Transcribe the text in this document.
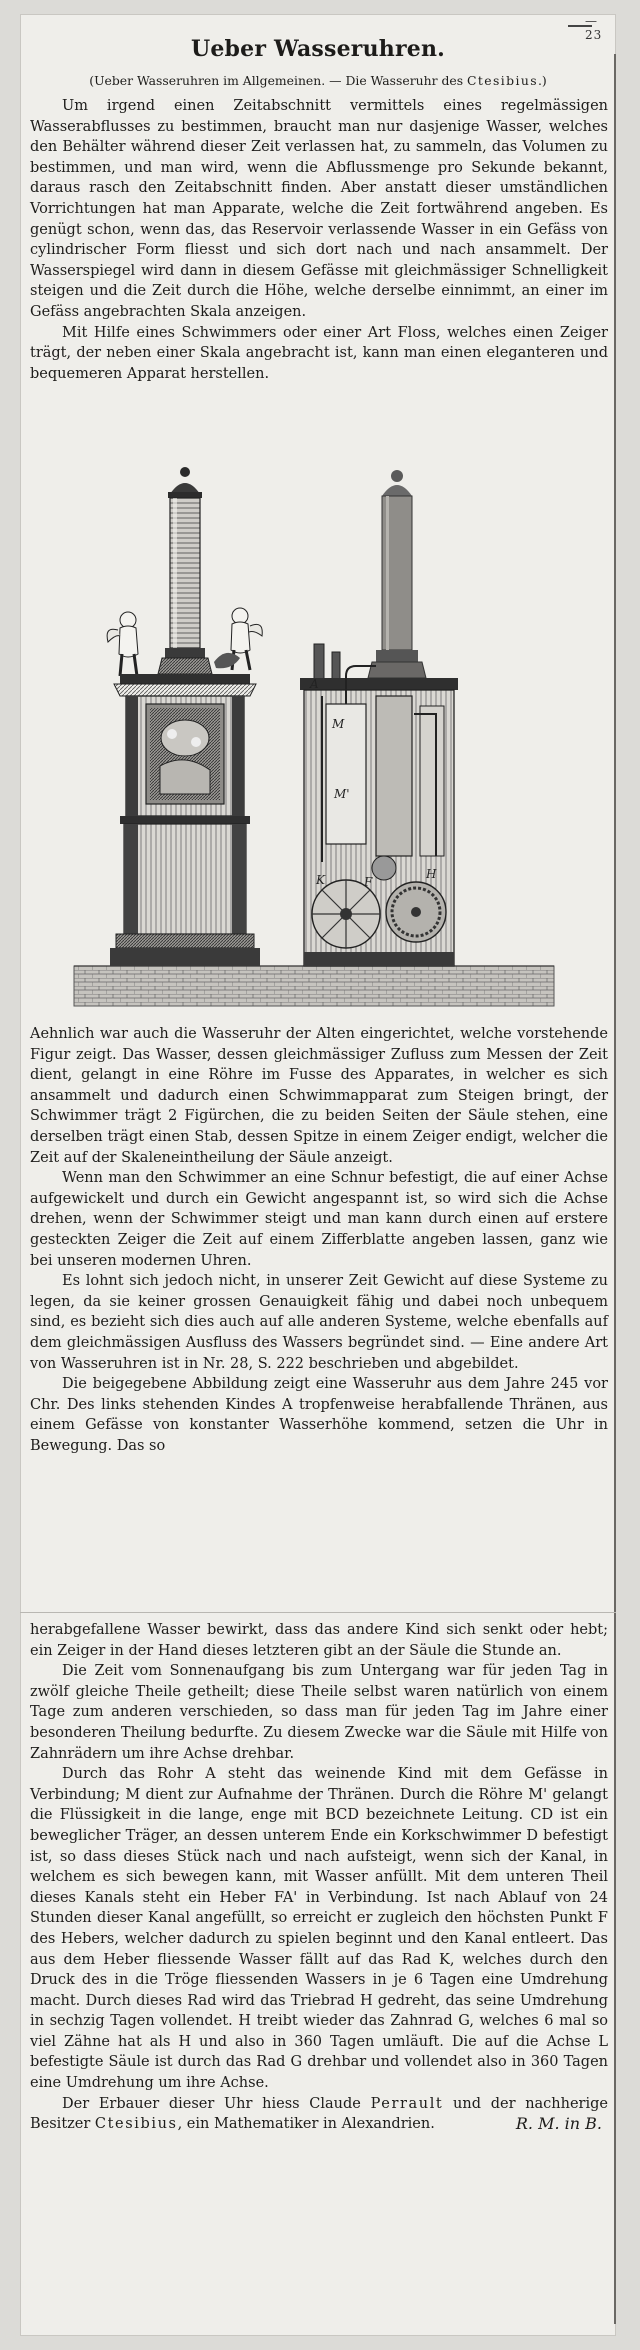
— 23
Ueber Wasseruhren.
(Ueber Wasseruhren im Allgemeinen. — Die Wasseruhr des Ctesibius.)

Um irgend einen Zeitabschnitt vermittels eines regelmässigen Wasserabflusses zu bestimmen, braucht man nur dasjenige Wasser, welches den Behälter während dieser Zeit verlassen hat, zu sammeln, das Volumen zu bestimmen, und man wird, wenn die Abflussmenge pro Sekunde bekannt, daraus rasch den Zeitabschnitt finden. Aber anstatt dieser umständlichen Vorrichtungen hat man Apparate, welche die Zeit fortwährend angeben. Es genügt schon, wenn das, das Reservoir verlassende Wasser in ein Gefäss von cylindrischer Form fliesst und sich dort nach und nach ansammelt. Der Wasserspiegel wird dann in diesem Gefässe mit gleichmässiger Schnelligkeit steigen und die Zeit durch die Höhe, welche derselbe einnimmt, an einer im Gefäss angebrachten Skala anzeigen.

Mit Hilfe eines Schwimmers oder einer Art Floss, welches einen Zeiger trägt, der neben einer Skala angebracht ist, kann man einen eleganteren und bequemeren Apparat herstellen.

A
M
M'
H
F
K

Aehnlich war auch die Wasseruhr der Alten eingerichtet, welche vorstehende Figur zeigt. Das Wasser, dessen gleichmässiger Zufluss zum Messen der Zeit dient, gelangt in eine Röhre im Fusse des Apparates, in welcher es sich ansammelt und dadurch einen Schwimmapparat zum Steigen bringt, der Schwimmer trägt 2 Figürchen, die zu beiden Seiten der Säule stehen, eine derselben trägt einen Stab, dessen Spitze in einem Zeiger endigt, welcher die Zeit auf der Skaleneintheilung der Säule anzeigt.

Wenn man den Schwimmer an eine Schnur befestigt, die auf einer Achse aufgewickelt und durch ein Gewicht angespannt ist, so wird sich die Achse drehen, wenn der Schwimmer steigt und man kann durch einen auf erstere gesteckten Zeiger die Zeit auf einem Zifferblatte angeben lassen, ganz wie bei unseren modernen Uhren.

Es lohnt sich jedoch nicht, in unserer Zeit Gewicht auf diese Systeme zu legen, da sie keiner grossen Genauigkeit fähig und dabei noch unbequem sind, es bezieht sich dies auch auf alle anderen Systeme, welche ebenfalls auf dem gleichmässigen Ausfluss des Wassers begründet sind. — Eine andere Art von Wasseruhren ist in Nr. 28, S. 222 beschrieben und abgebildet.

Die beigegebene Abbildung zeigt eine Wasseruhr aus dem Jahre 245 vor Chr. Des links stehenden Kindes A tropfenweise herabfallende Thränen, aus einem Gefässe von konstanter Wasserhöhe kommend, setzen die Uhr in Bewegung. Das so

herabgefallene Wasser bewirkt, dass das andere Kind sich senkt oder hebt; ein Zeiger in der Hand dieses letzteren gibt an der Säule die Stunde an.

Die Zeit vom Sonnenaufgang bis zum Untergang war für jeden Tag in zwölf gleiche Theile getheilt; diese Theile selbst waren natürlich von einem Tage zum anderen verschieden, so dass man für jeden Tag im Jahre einer besonderen Theilung bedurfte. Zu diesem Zwecke war die Säule mit Hilfe von Zahnrädern um ihre Achse drehbar.

Durch das Rohr A steht das weinende Kind mit dem Gefässe in Verbindung; M dient zur Aufnahme der Thränen. Durch die Röhre M' gelangt die Flüssigkeit in die lange, enge mit BCD bezeichnete Leitung. CD ist ein beweglicher Träger, an dessen unterem Ende ein Korkschwimmer D befestigt ist, so dass dieses Stück nach und nach aufsteigt, wenn sich der Kanal, in welchem es sich bewegen kann, mit Wasser anfüllt. Mit dem unteren Theil dieses Kanals steht ein Heber FA' in Verbindung. Ist nach Ablauf von 24 Stunden dieser Kanal angefüllt, so erreicht er zugleich den höchsten Punkt F des Hebers, welcher dadurch zu spielen beginnt und den Kanal entleert. Das aus dem Heber fliessende Wasser fällt auf das Rad K, welches durch den Druck des in die Tröge fliessenden Wassers in je 6 Tagen eine Umdrehung macht. Durch dieses Rad wird das Triebrad H gedreht, das seine Umdrehung in sechzig Tagen vollendet. H treibt wieder das Zahnrad G, welches 6 mal so viel Zähne hat als H und also in 360 Tagen umläuft. Die auf die Achse L befestigte Säule ist durch das Rad G drehbar und vollendet also in 360 Tagen eine Umdrehung um ihre Achse.

Der Erbauer dieser Uhr hiess Claude Perrault und der nachherige Besitzer Ctesibius, ein Mathematiker in Alexandrien.	R. M. in B.
